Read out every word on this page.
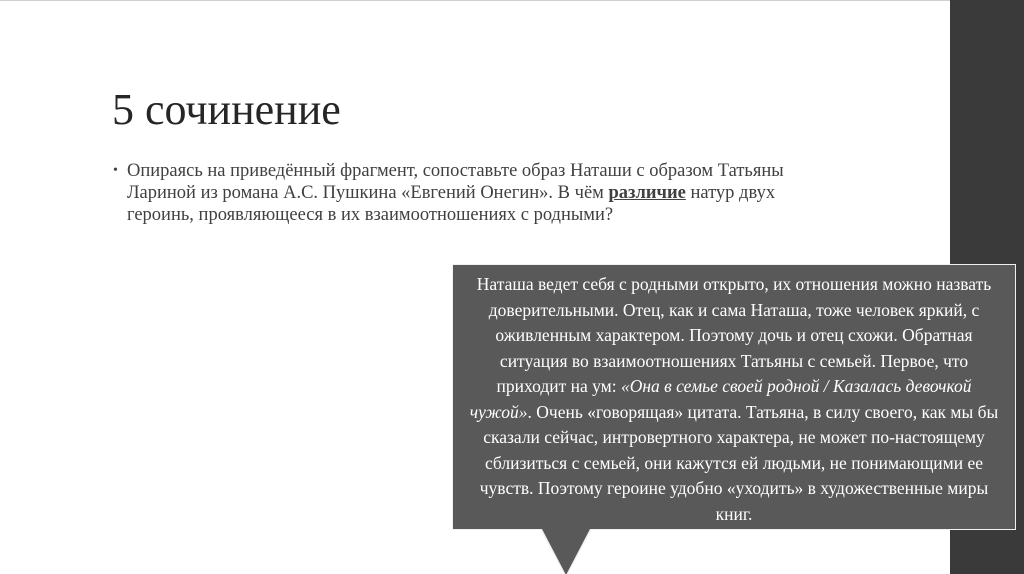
5 сочинение
• Опираясь на приведённый фрагмент, сопоставьте образ Наташи с образом Татьяны Лариной из романа А.С. Пушкина «Евгений Онегин». В чём различие натур двух героинь, проявляющееся в их взаимоотношениях с родными?
Наташа ведет себя с родными открыто, их отношения можно назвать доверительными. Отец, как и сама Наташа, тоже человек яркий, с оживленным характером. Поэтому дочь и отец схожи. Обратная ситуация во взаимоотношениях Татьяны с семьей. Первое, что приходит на ум: «Она в семье своей родной / Казалась девочкой чужой». Очень «говорящая» цитата. Татьяна, в силу своего, как мы бы сказали сейчас, интровертного характера, не может по-настоящему сблизиться с семьей, они кажутся ей людьми, не понимающими ее чувств. Поэтому героине удобно «уходить» в художественные миры книг.
